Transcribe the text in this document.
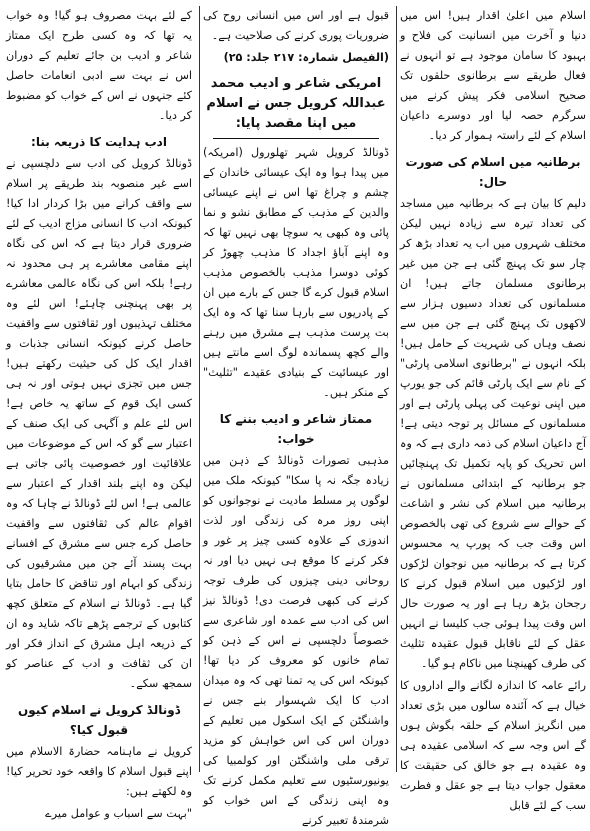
اسلام میں اعلیٰ اقدار ہیں! اس میں دنیا و آخرت میں انسانیت کی فلاح و بہبود کا سامان موجود ہے تو انہوں نے فعال طریقے سے برطانوی حلقوں تک صحیح اسلامی فکر پیش کرنے میں سرگرم حصہ لیا اور دوسرے داعیان اسلام کے لئے راستہ ہموار کر دیا۔

برطانیہ میں اسلام کی صورت حال:

دلیم کا بیان ہے کہ برطانیہ میں مساجد کی تعداد تیرہ سے زیادہ نہیں لیکن مختلف شہروں میں اب یہ تعداد بڑھ کر چار سو تک پہنچ گئی ہے جن میں غیر برطانوی مسلمان جاتے ہیں! ان مسلمانوں کی تعداد دسیوں ہزار سے لاکھوں تک پہنچ گئی ہے جن میں سے نصف وہاں کی شہریت کے حامل ہیں! بلکہ انہوں نے "برطانوی اسلامی پارٹی" کے نام سے ایک پارٹی قائم کی جو یورپ میں اپنی نوعیت کی پہلی پارٹی ہے اور مسلمانوں کے مسائل پر توجہ دیتی ہے! آج داعیان اسلام کی ذمہ داری ہے کہ وہ اس تحریک کو پایہ تکمیل تک پہنچائیں جو برطانیہ کے ابتدائی مسلمانوں نے برطانیہ میں اسلام کی نشر و اشاعت کے حوالے سے شروع کی تھی بالخصوص اس وقت جب کہ پورپ یہ محسوس کرتا ہے کہ برطانیہ میں نوجوان لڑکوں اور لڑکیوں میں اسلام قبول کرنے کا رجحان بڑھ رہا ہے اور یہ صورت حال اس وقت پیدا ہوئی جب کلیسا نے انہیں عقل کے لئے ناقابل قبول عقیدہ تثلیث کی طرف کھینچنا میں ناکام ہو گیا۔

رائے عامہ کا اندازہ لگانے والے اداروں کا خیال ہے کہ آئندہ سالوں میں بڑی تعداد میں انگریز اسلام کے حلقہ بگوش ہوں گے اس وجہ سے کہ اسلامی عقیدہ ہی وہ عقیدہ ہے جو خالق کی حقیقت کا معقول جواب دیتا ہے جو عقل و فطرت سب کے لئے قابل

قبول ہے اور اس میں انسانی روح کی ضروریات پوری کرنے کی صلاحیت ہے۔

(الفیصل شمارہ: ۲۱۷ جلد: ۲۵)

امریکی شاعر و ادیب محمد عبداللہ کرویل جس نے اسلام میں اپنا مقصد پایا:

ڈونالڈ کرویل شہر تھلورول (امریکہ) میں پیدا ہوا وہ ایک عیسائی خاندان کے چشم و چراغ تھا اس نے اپنے عیسائی والدین کے مذہب کے مطابق نشو و نما پائی وہ کبھی یہ سوچا بھی نہیں تھا کہ وہ اپنے آباؤ اجداد کا مذہب چھوڑ کر کوئی دوسرا مذہب بالخصوص مذہب اسلام قبول کرے گا جس کے بارے میں ان کے پادریوں سے بارہا سنا تھا کہ وہ ایک بت پرست مذہب ہے مشرق میں رہنے والے کچھ پسماندہ لوگ اسے مانتے ہیں اور عیسائیت کے بنیادی عقیدے "تثلیث" کے منکر ہیں۔

ممتاز شاعر و ادیب بننے کا خواب:

مذہبی تصورات ڈونالڈ کے ذہن میں زیادہ جگہ نہ پا سکا" کیونکہ ملک میں لوگوں پر مسلط مادیت نے نوجوانوں کو اپنی روز مرہ کی زندگی اور لذت اندوزی کے علاوہ کسی چیز پر غور و فکر کرنے کا موقع ہی نہیں دیا اور نہ روحانی دینی چیزوں کی طرف توجہ کرنے کی کبھی فرصت دی! ڈونالڈ نیز اس کی ادب سے عمدہ اور شاعری سے خصوصاً دلچسپی نے اس کے ذہن کو تمام خانوں کو معروف کر دیا تھا! کیونکہ اس کی یہ تمنا تھی کہ وہ میدان ادب کا ایک شہسوار بنے جس نے واشنگٹن کے ایک اسکول میں تعلیم کے دوران اس کی اس خواہش کو مزید ترقی ملی واشنگٹن اور کولمبیا کی یونیورسٹیوں سے تعلیم مکمل کرنے تک وہ اپنی زندگی کے اس خواب کو شرمندۂ تعبیر کرنے

کے لئے بہت مصروف ہو گیا! وہ خواب یہ تھا کہ وہ کسی طرح ایک ممتاز شاعر و ادیب بن جائے تعلیم کے دوران اس نے بہت سے ادبی انعامات حاصل کئے جنہوں نے اس کے خواب کو مضبوط کر دیا۔

ادب ہدایت کا ذریعہ بنا:

ڈونالڈ کرویل کی ادب سے دلچسپی نے اسے غیر منصوبہ بند طریقے پر اسلام سے واقف کرانے میں بڑا کردار ادا کیا! کیونکہ ادب کا انسانی مزاج ادیب کے لئے ضروری قرار دیتا ہے کہ اس کی نگاہ اپنے مقامی معاشرے پر ہی محدود نہ رہے! بلکہ اس کی نگاہ عالمی معاشرے پر بھی پہنچنی چاہئے! اس لئے وہ مختلف تہذیبوں اور ثقافتوں سے واقفیت حاصل کرنے کیونکہ انسانی جذبات و اقدار ایک کل کی حیثیت رکھتے ہیں! جس میں تجزی نہیں ہوتی اور نہ ہی کسی ایک قوم کے ساتھ یہ خاص ہے! اس لئے علم و آگہی کی ایک صنف کے اعتبار سے گو کہ اس کے موضوعات میں علاقائیت اور خصوصیت پائی جاتی ہے لیکن وہ اپنے بلند اقدار کے اعتبار سے عالمی ہے! اس لئے ڈونالڈ نے چاہا کہ وہ اقوام عالم کی ثقافتوں سے واقفیت حاصل کرے جس سے مشرق کے افسانے بہت پسند آئے جن میں مشرقیوں کی زندگی کو ابہام اور تناقض کا حامل بتایا گیا ہے۔ ڈونالڈ نے اسلام کے متعلق کچھ کتابوں کے ترجمے پڑھے تاکہ شاید وہ ان کے ذریعہ اہل مشرق کے انداز فکر اور ان کی ثقافت و ادب کے عناصر کو سمجھ سکے۔

ڈونالڈ کرویل نے اسلام کیوں قبول کیا؟

کرویل نے ماہنامہ حضارۃ الاسلام میں اپنے قبول اسلام کا واقعہ خود تحریر کیا! وہ لکھتے ہیں:

"بہت سے اسباب و عوامل میرے
